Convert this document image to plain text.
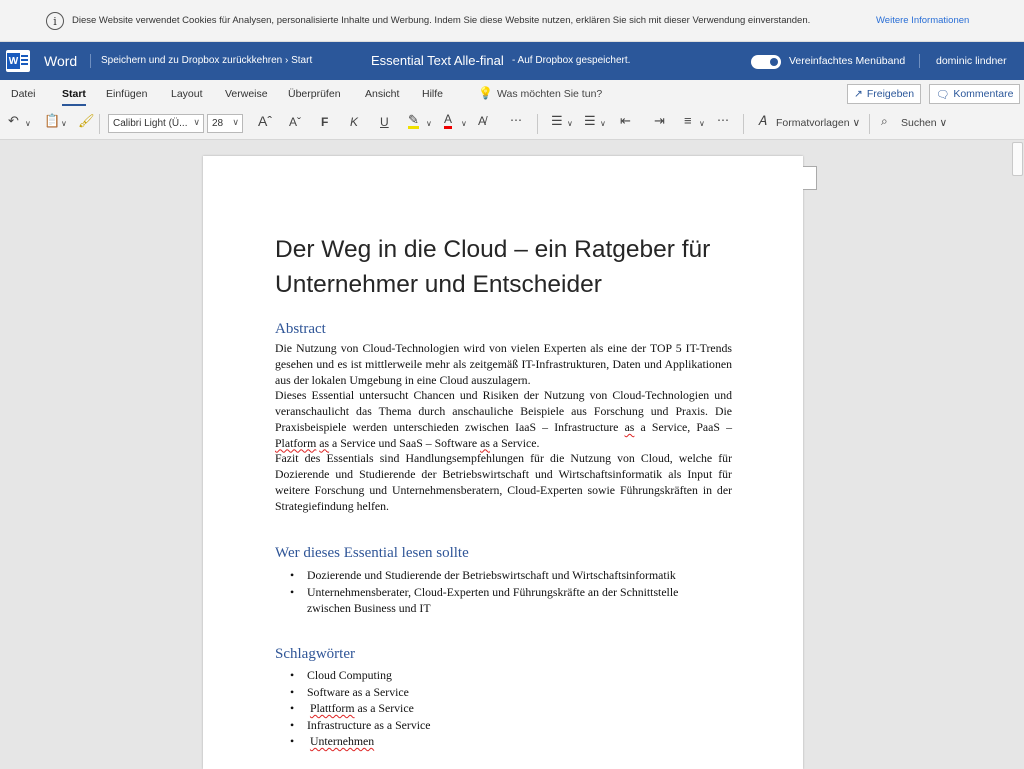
i	Diese Website verwendet Cookies für Analysen, personalisierte Inhalte und Werbung. Indem Sie diese Website nutzen, erklären Sie sich mit dieser Verwendung einverstanden.	Weitere Informationen
W Word Speichern und zu Dropbox zurückkehren › Start	Essential Text Alle-final - Auf Dropbox gespeichert.	Vereinfachtes Menüband	dominic lindner
Datei	Start Einfügen Layout Verweise Überprüfen Ansicht Hilfe	💡 Was möchten Sie tun?	↗ Freigeben 🗨 Kommentare
↶ ∨ 📋 ∨ 🖌	Calibri Light (Ü... ∨	28 ∨ Aˆ Aˇ F K U ✎ ∨ A ∨ A̸ ⋯ ☰ ∨ ☰ ∨ ⇤ ⇥ ≡ ∨ ⋯ 𝐴 Formatvorlagen ∨ ⌕ Suchen ∨
Der Weg in die Cloud – ein Ratgeber für Unternehmer und Entscheider
Abstract

Die Nutzung von Cloud-Technologien wird von vielen Experten als eine der TOP 5 IT-Trends gesehen und es ist mittlerweile mehr als zeitgemäß IT-Infrastrukturen, Daten und Applikationen aus der lokalen Umgebung in eine Cloud auszulagern.

Dieses Essential untersucht Chancen und Risiken der Nutzung von Cloud-Technologien und veranschaulicht das Thema durch anschauliche Beispiele aus Forschung und Praxis. Die Praxisbeispiele werden unterschieden zwischen IaaS – Infrastructure as a Service, PaaS – Platform as a Service und SaaS – Software as a Service.

Fazit des Essentials sind Handlungsempfehlungen für die Nutzung von Cloud, welche für Dozierende und Studierende der Betriebswirtschaft und Wirtschaftsinformatik als Input für weitere Forschung und Unternehmensberatern, Cloud-Experten sowie Führungskräften in der Strategiefindung helfen.

Wer dieses Essential lesen sollte
• Dozierende und Studierende der Betriebswirtschaft und Wirtschaftsinformatik
• Unternehmensberater, Cloud-Experten und Führungskräfte an der Schnittstelle
zwischen Business und IT
Schlagwörter
• Cloud Computing
• Software as a Service
• Plattform as a Service
• Infrastructure as a Service
• Unternehmen
